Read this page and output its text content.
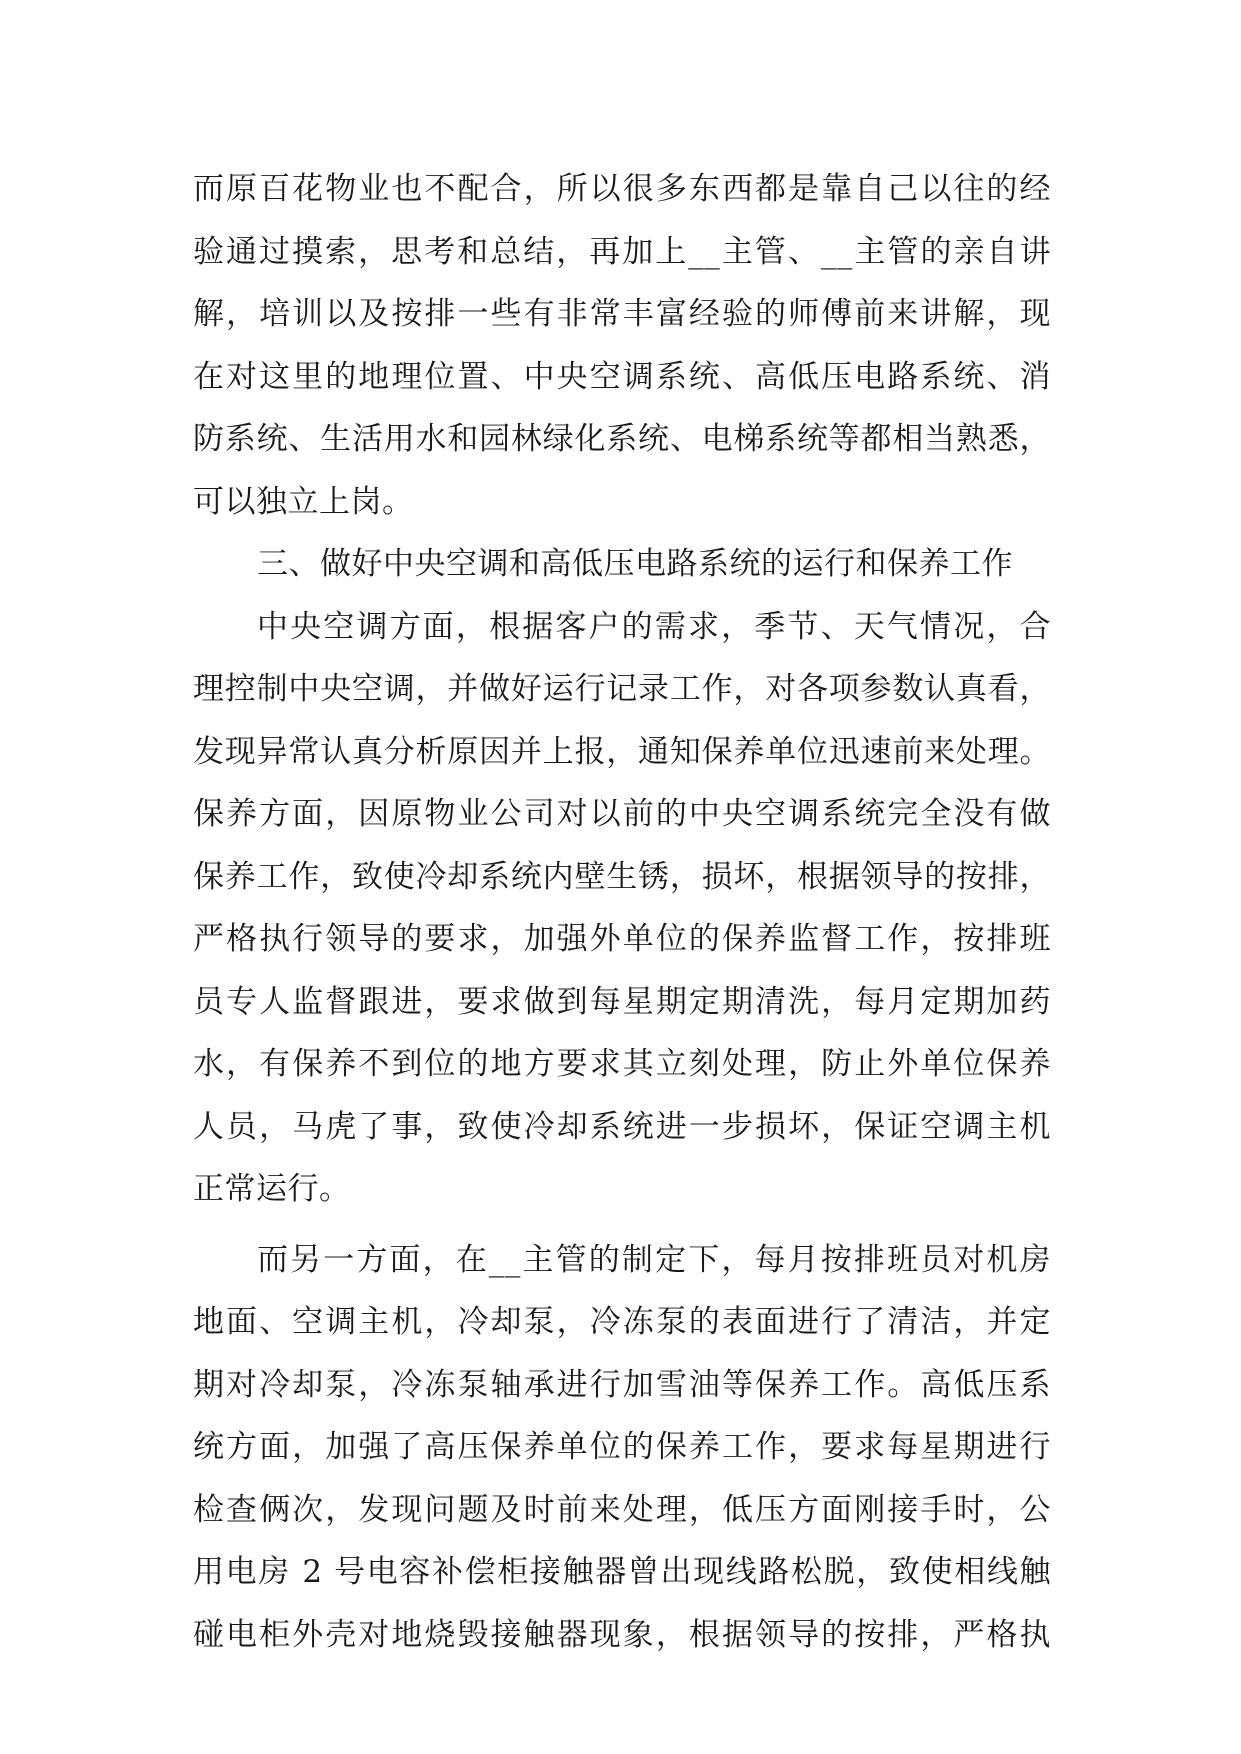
而原百花物业也不配合，所以很多东西都是靠自己以往的经
验通过摸索，思考和总结，再加上__主管、__主管的亲自讲
解，培训以及按排一些有非常丰富经验的师傅前来讲解，现
在对这里的地理位置、中央空调系统、高低压电路系统、消
防系统、生活用水和园林绿化系统、电梯系统等都相当熟悉，
可以独立上岗。
三、做好中央空调和高低压电路系统的运行和保养工作
中央空调方面，根据客户的需求，季节、天气情况，合
理控制中央空调，并做好运行记录工作，对各项参数认真看，
发现异常认真分析原因并上报，通知保养单位迅速前来处理。
保养方面，因原物业公司对以前的中央空调系统完全没有做
保养工作，致使冷却系统内壁生锈，损坏，根据领导的按排，
严格执行领导的要求，加强外单位的保养监督工作，按排班
员专人监督跟进，要求做到每星期定期清洗，每月定期加药
水，有保养不到位的地方要求其立刻处理，防止外单位保养
人员，马虎了事，致使冷却系统进一步损坏，保证空调主机
正常运行。
而另一方面，在__主管的制定下，每月按排班员对机房
地面、空调主机，冷却泵，冷冻泵的表面进行了清洁，并定
期对冷却泵，冷冻泵轴承进行加雪油等保养工作。高低压系
统方面，加强了高压保养单位的保养工作，要求每星期进行
检查俩次，发现问题及时前来处理，低压方面刚接手时，公
用电房 2 号电容补偿柜接触器曾出现线路松脱，致使相线触
碰电柜外壳对地烧毁接触器现象，根据领导的按排，严格执
